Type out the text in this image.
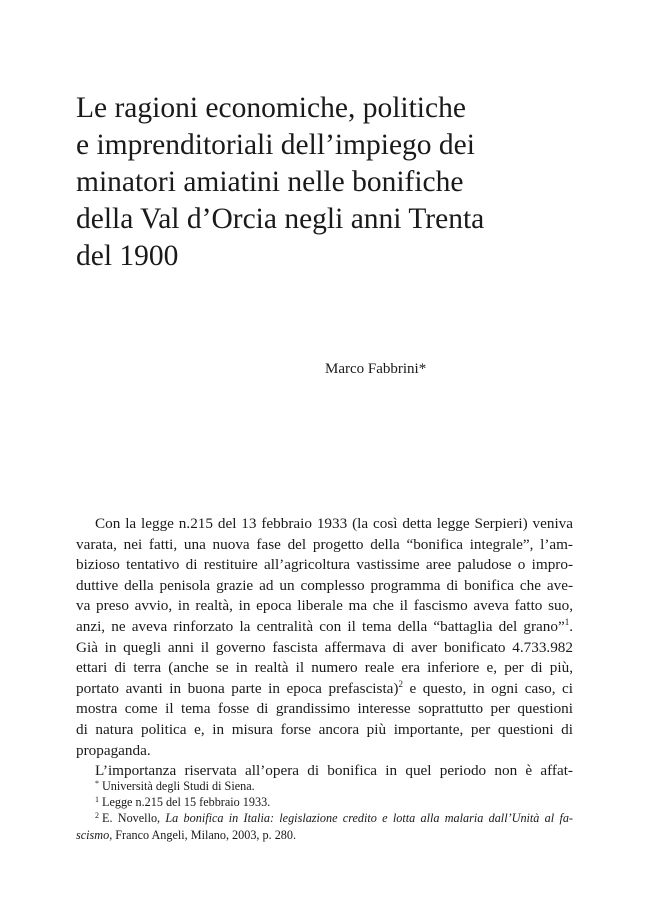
Le ragioni economiche, politiche
e imprenditoriali dell’impiego dei
minatori amiatini nelle bonifiche
della Val d’Orcia negli anni Trenta
del 1900
Marco Fabbrini*
Con la legge n.215 del 13 febbraio 1933 (la così detta legge Serpieri) veniva
varata, nei fatti, una nuova fase del progetto della “bonifica integrale”, l’am-
bizioso tentativo di restituire all’agricoltura vastissime aree paludose o impro-
duttive della penisola grazie ad un complesso programma di bonifica che ave-
va preso avvio, in realtà, in epoca liberale ma che il fascismo aveva fatto suo,
anzi, ne aveva rinforzato la centralità con il tema della “battaglia del grano”$^1$.
Già in quegli anni il governo fascista affermava di aver bonificato 4.733.982
ettari di terra (anche se in realtà il numero reale era inferiore e, per di più,
portato avanti in buona parte in epoca prefascista)$^2$ e questo, in ogni caso, ci
mostra come il tema fosse di grandissimo interesse soprattutto per questioni
di natura politica e, in misura forse ancora più importante, per questioni di
propaganda.
L’importanza riservata all’opera di bonifica in quel periodo non è affat-
* Università degli Studi di Siena.
$^1$ Legge n.215 del 15 febbraio 1933.
$^2$ E. Novello, La bonifica in Italia: legislazione credito e lotta alla malaria dall’Unità al fa-
scismo, Franco Angeli, Milano, 2003, p. 280.
